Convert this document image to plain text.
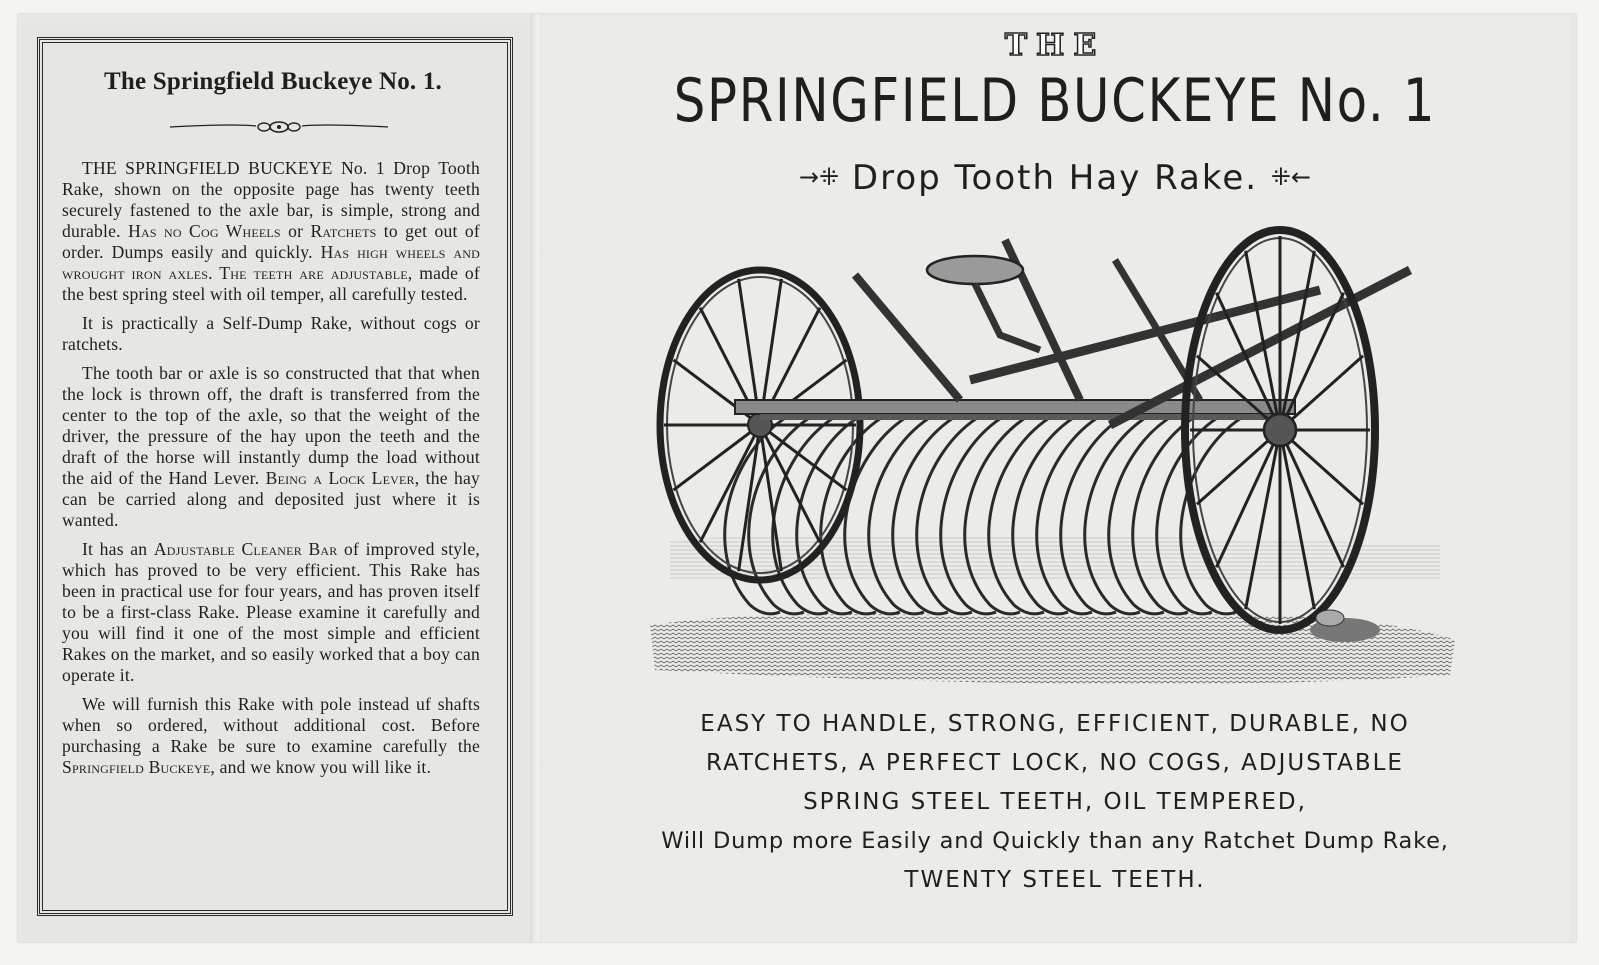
The Springfield Buckeye No. 1.

THE SPRINGFIELD BUCKEYE No. 1 Drop Tooth Rake, shown on the opposite page has twenty teeth securely fastened to the axle bar, is simple, strong and durable. Has no Cog Wheels or Ratchets to get out of order. Dumps easily and quickly. Has high wheels and wrought iron axles. The teeth are adjustable, made of the best spring steel with oil temper, all carefully tested.

It is practically a Self-Dump Rake, without cogs or ratchets.

The tooth bar or axle is so constructed that that when the lock is thrown off, the draft is transferred from the center to the top of the axle, so that the weight of the driver, the pressure of the hay upon the teeth and the draft of the horse will instantly dump the load without the aid of the Hand Lever. Being a Lock Lever, the hay can be carried along and deposited just where it is wanted.

It has an Adjustable Cleaner Bar of improved style, which has proved to be very efficient. This Rake has been in practical use for four years, and has proven itself to be a first-class Rake. Please examine it carefully and you will find it one of the most simple and efficient Rakes on the market, and so easily worked that a boy can operate it.

We will furnish this Rake with pole instead uf shafts when so ordered, without additional cost. Before purchasing a Rake be sure to examine carefully the Springfield Buckeye, and we know you will like it.

THE
SPRINGFIELD BUCKEYE No. 1
→⁜ Drop Tooth Hay Rake. ⁜←
EASY TO HANDLE, STRONG, EFFICIENT, DURABLE, NO
RATCHETS, A PERFECT LOCK, NO COGS, ADJUSTABLE
SPRING STEEL TEETH, OIL TEMPERED,
Will Dump more Easily and Quickly than any Ratchet Dump Rake,
TWENTY STEEL TEETH.
